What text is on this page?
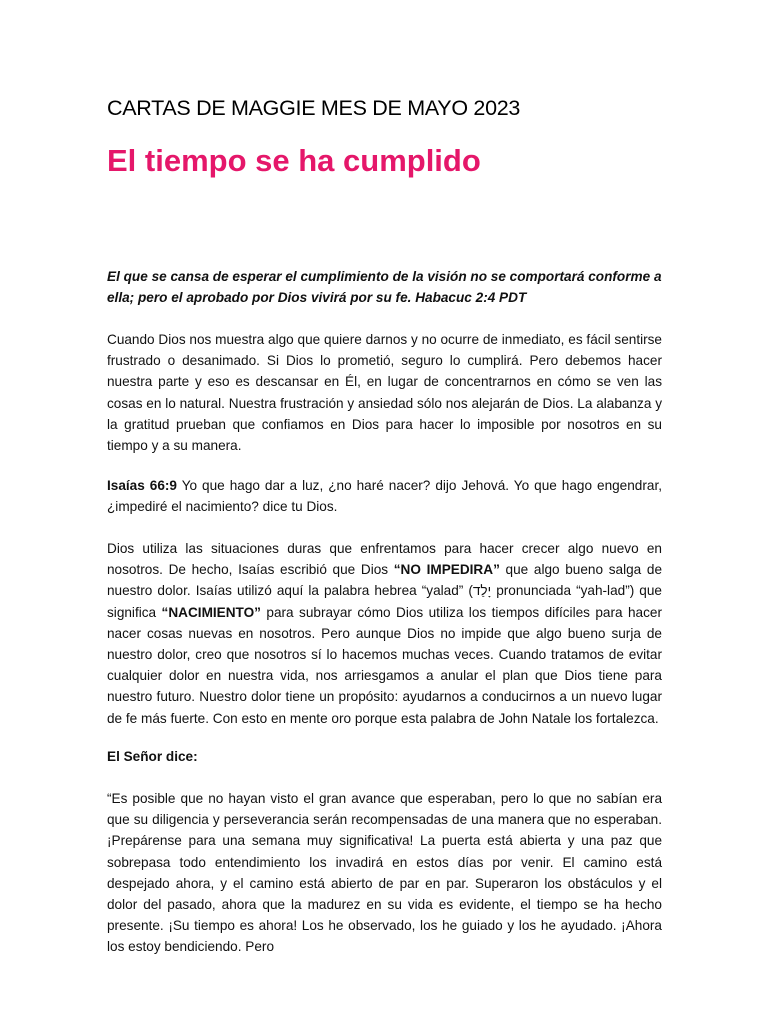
CARTAS DE MAGGIE MES DE MAYO 2023
El tiempo se ha cumplido

El que se cansa de esperar el cumplimiento de la visión no se comportará conforme a ella; pero el aprobado por Dios vivirá por su fe. Habacuc 2:4 PDT

Cuando Dios nos muestra algo que quiere darnos y no ocurre de inmediato, es fácil sentirse frustrado o desanimado. Si Dios lo prometió, seguro lo cumplirá. Pero debemos hacer nuestra parte y eso es descansar en Él, en lugar de concentrarnos en cómo se ven las cosas en lo natural. Nuestra frustración y ansiedad sólo nos alejarán de Dios. La alabanza y la gratitud prueban que confiamos en Dios para hacer lo imposible por nosotros en su tiempo y a su manera.

Isaías 66:9 Yo que hago dar a luz, ¿no haré nacer? dijo Jehová. Yo que hago engendrar, ¿impediré el nacimiento? dice tu Dios.

Dios utiliza las situaciones duras que enfrentamos para hacer crecer algo nuevo en nosotros. De hecho, Isaías escribió que Dios “NO IMPEDIRA” que algo bueno salga de nuestro dolor. Isaías utilizó aquí la palabra hebrea “yalad” (יָלַד pronunciada “yah-lad”) que significa “NACIMIENTO” para subrayar cómo Dios utiliza los tiempos difíciles para hacer nacer cosas nuevas en nosotros. Pero aunque Dios no impide que algo bueno surja de nuestro dolor, creo que nosotros sí lo hacemos muchas veces. Cuando tratamos de evitar cualquier dolor en nuestra vida, nos arriesgamos a anular el plan que Dios tiene para nuestro futuro. Nuestro dolor tiene un propósito: ayudarnos a conducirnos a un nuevo lugar de fe más fuerte. Con esto en mente oro porque esta palabra de John Natale los fortalezca.

El Señor dice:

“Es posible que no hayan visto el gran avance que esperaban, pero lo que no sabían era que su diligencia y perseverancia serán recompensadas de una manera que no esperaban. ¡Prepárense para una semana muy significativa! La puerta está abierta y una paz que sobrepasa todo entendimiento los invadirá en estos días por venir. El camino está despejado ahora, y el camino está abierto de par en par. Superaron los obstáculos y el dolor del pasado, ahora que la madurez en su vida es evidente, el tiempo se ha hecho presente. ¡Su tiempo es ahora! Los he observado, los he guiado y los he ayudado. ¡Ahora los estoy bendiciendo. Pero
